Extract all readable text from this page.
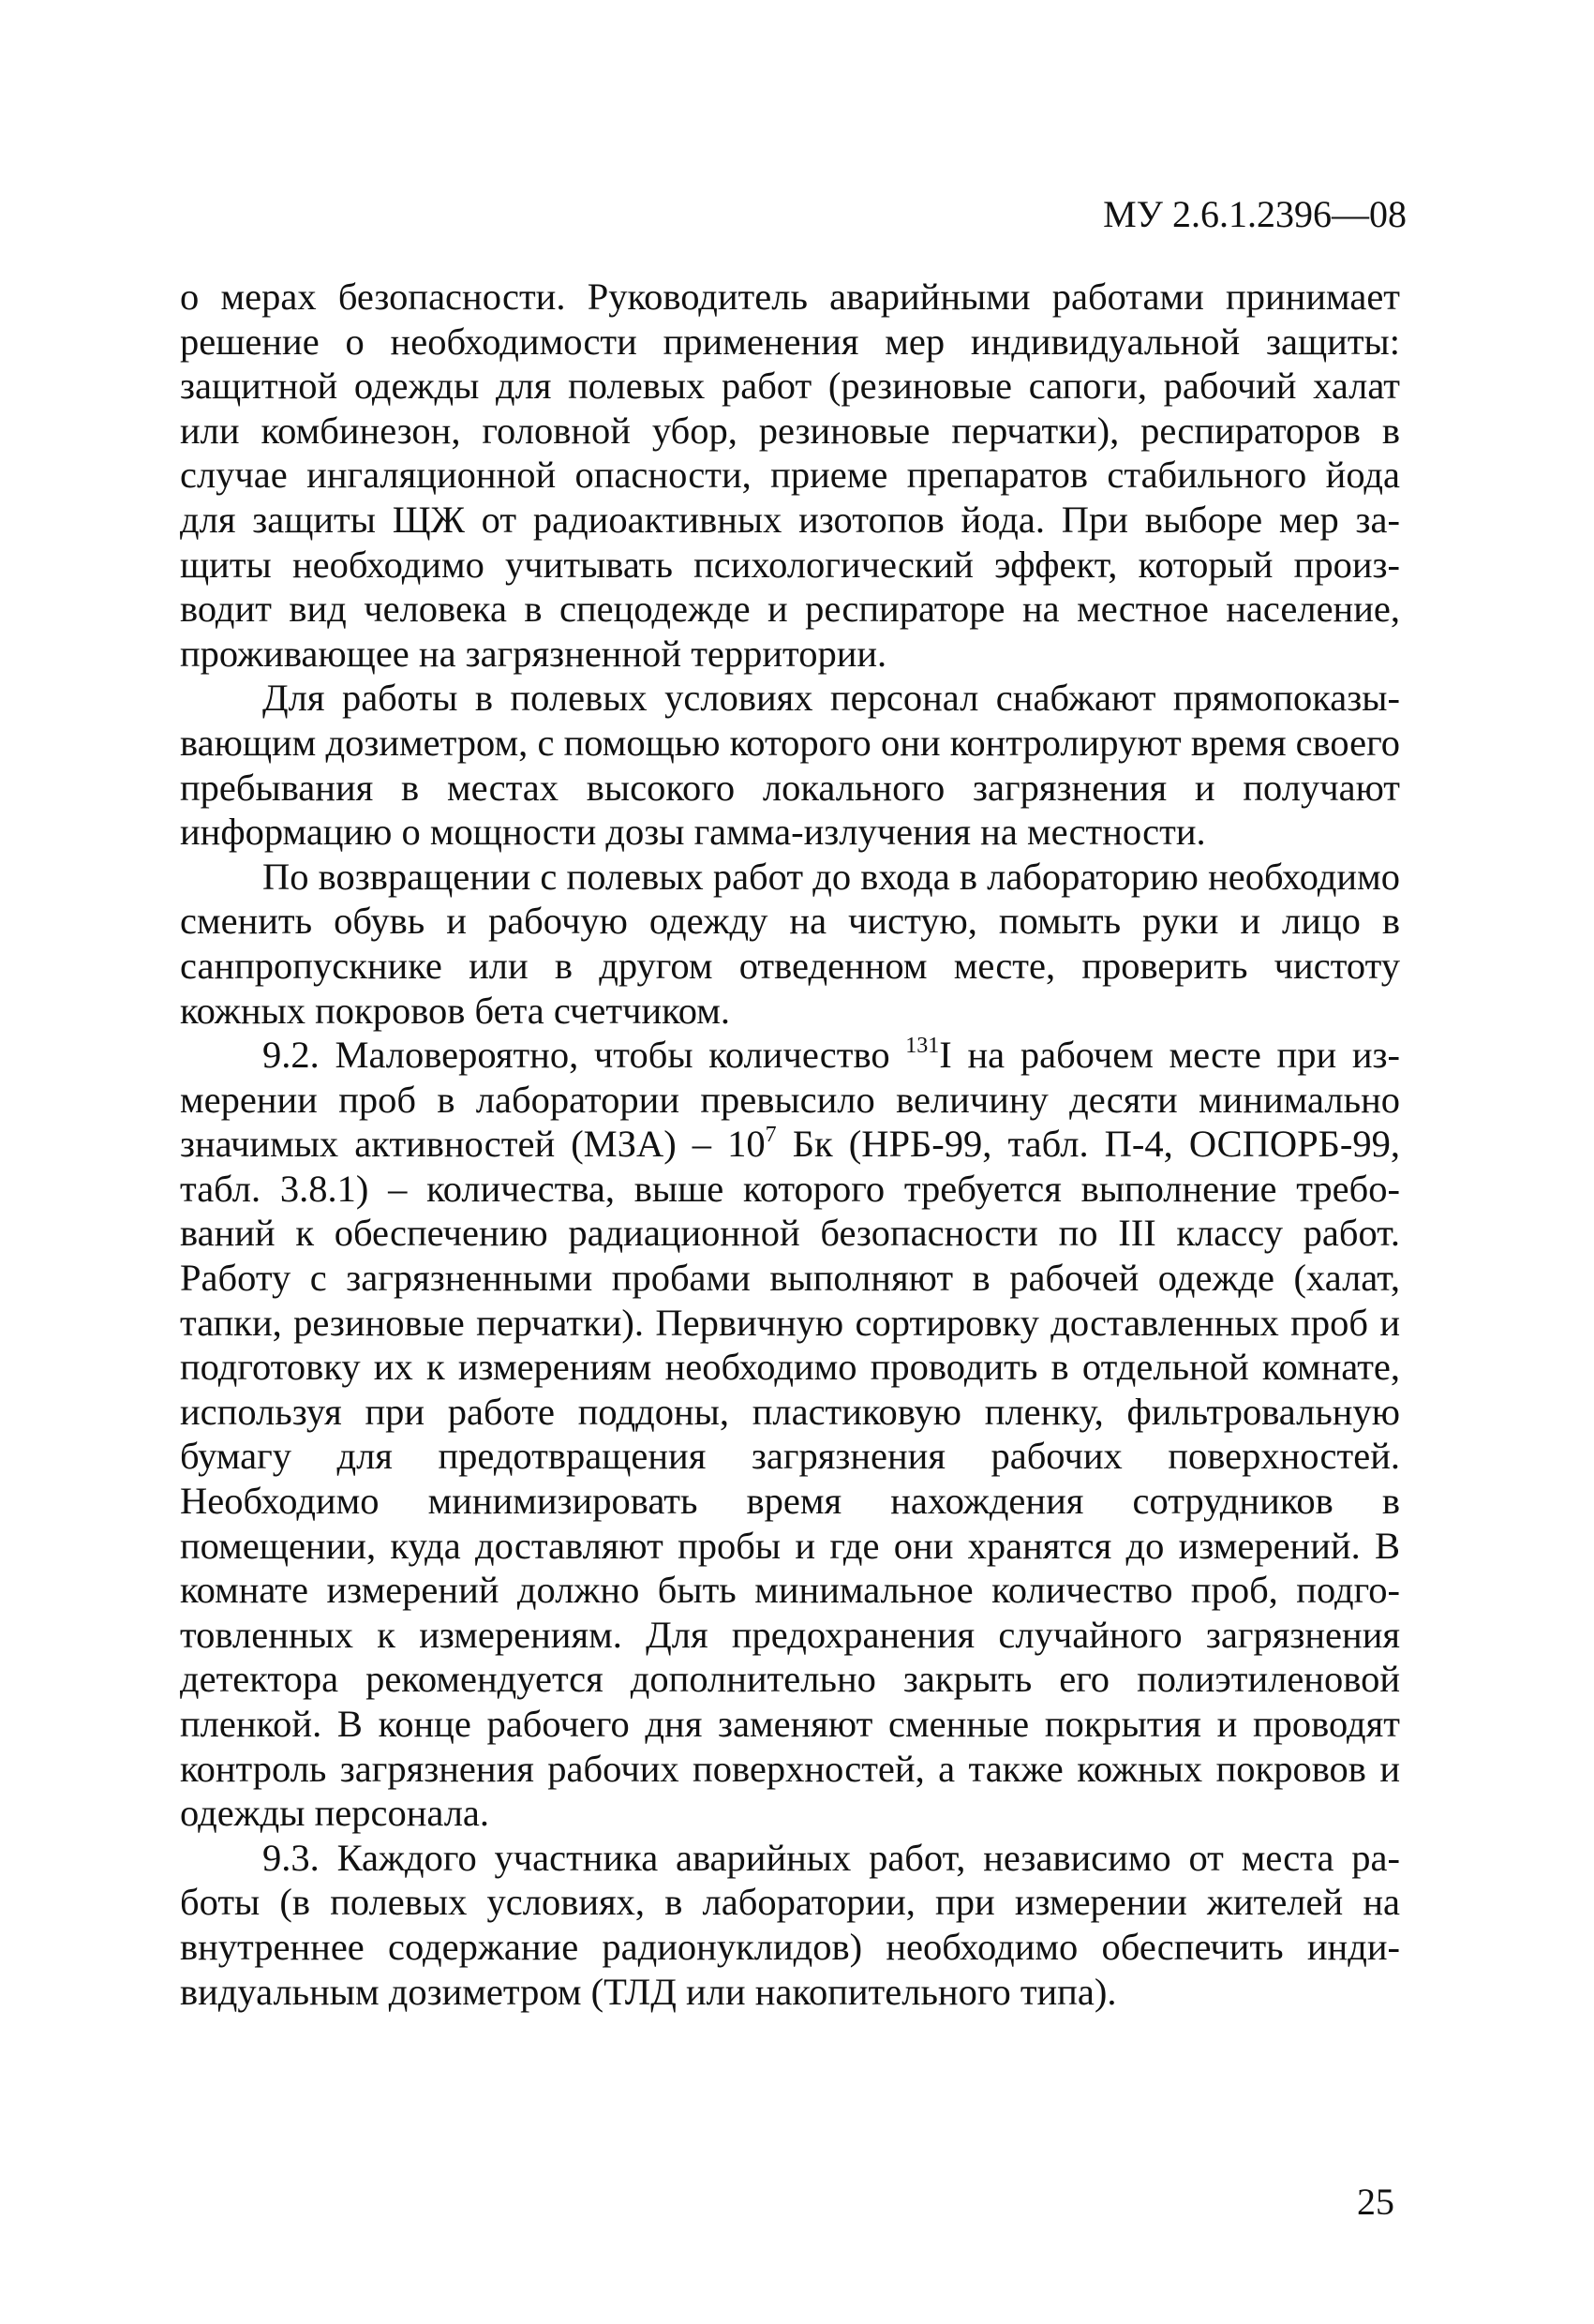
МУ 2.6.1.2396—08

о мерах безопасности. Руководитель аварийными работами принимает решение о необходимости применения мер индивидуальной защиты: защитной одежды для полевых работ (резиновые сапоги, рабочий халат или комбинезон, головной убор, резиновые перчатки), респираторов в случае ингаляционной опасности, приеме препаратов стабильного йода для защиты ЩЖ от радиоактивных изотопов йода. При выборе мер защиты необходимо учитывать психологический эффект, который производит вид человека в спецодежде и респираторе на местное население, проживающее на загрязненной территории.

Для работы в полевых условиях персонал снабжают прямопоказывающим дозиметром, с помощью которого они контролируют время своего пребывания в местах высокого локального загрязнения и получают информацию о мощности дозы гамма-излучения на местности.

По возвращении с полевых работ до входа в лабораторию необходимо сменить обувь и рабочую одежду на чистую, помыть руки и лицо в санпропускнике или в другом отведенном месте, проверить чистоту кожных покровов бета счетчиком.

9.2. Маловероятно, чтобы количество $^{131}$I на рабочем месте при измерении проб в лаборатории превысило величину десяти минимально значимых активностей $(МЗА) - 10^7$ Бк (НРБ-99, табл. П-4, ОСПОРБ-99, табл. 3.8.1) – количества, выше которого требуется выполнение требований к обеспечению радиационной безопасности по III классу работ. Работу с загрязненными пробами выполняют в рабочей одежде (халат, тапки, резиновые перчатки). Первичную сортировку доставленных проб и подготовку их к измерениям необходимо проводить в отдельной комнате, используя при работе поддоны, пластиковую пленку, фильтровальную бумагу для предотвращения загрязнения рабочих поверхностей. Необходимо минимизировать время нахождения сотрудников в помещении, куда доставляют пробы и где они хранятся до измерений. В комнате измерений должно быть минимальное количество проб, подготовленных к измерениям. Для предохранения случайного загрязнения детектора рекомендуется дополнительно закрыть его полиэтиленовой пленкой. В конце рабочего дня заменяют сменные покрытия и проводят контроль загрязнения рабочих поверхностей, а также кожных покровов и одежды персонала.

9.3. Каждого участника аварийных работ, независимо от места работы (в полевых условиях, в лаборатории, при измерении жителей на внутреннее содержание радионуклидов) необходимо обеспечить индивидуальным дозиметром (ТЛД или накопительного типа).

25
